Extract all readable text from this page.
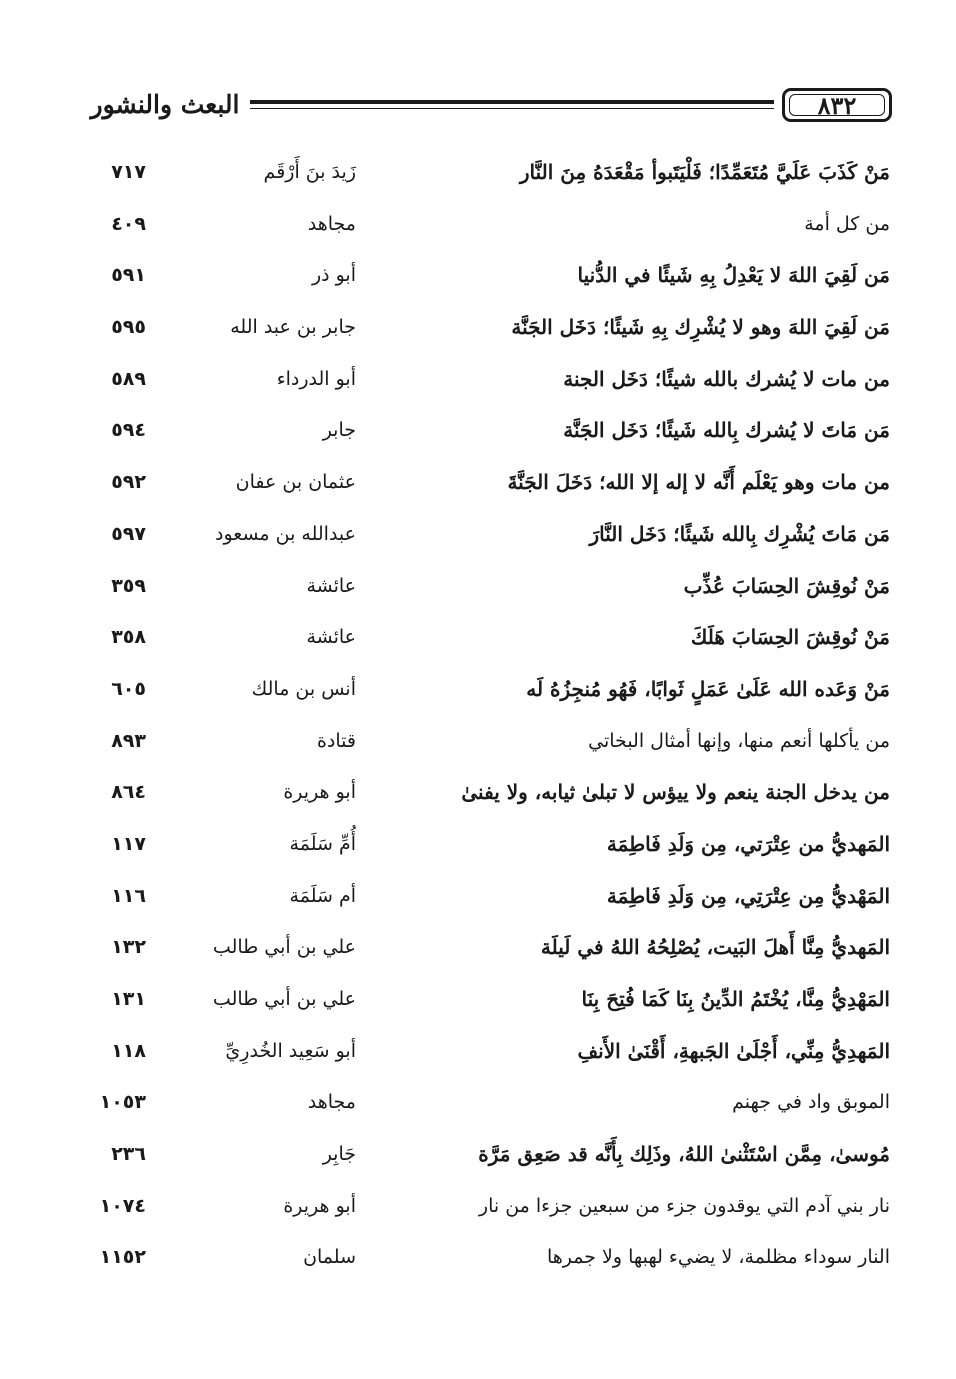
البعث والنشور	٨٣٢
مَنْ كَذَبَ عَلَيَّ مُتَعَمِّدًا؛ فَلْيَتَبوأ مَقْعَدَهُ مِنَ النَّار
زَيدَ بنَ أَرْقَم
٧١٧
من كل أمة
مجاهد
٤٠٩
مَن لَقِيَ اللهَ لا يَعْدِلُ بِهِ شَيئًا في الدُّنيا
أبو ذر
٥٩١
مَن لَقِيَ اللهَ وهو لا يُشْرِك بِهِ شَيئًا؛ دَخَل الجَنَّة
جابر بن عبد الله
٥٩٥
من مات لا يُشرك بالله شيئًا؛ دَخَل الجنة
أبو الدرداء
٥٨٩
مَن مَاتَ لا يُشرك بِالله شَيئًا؛ دَخَل الجَنَّة
جابر
٥٩٤
من مات وهو يَعْلَم أَنَّه لا إله إلا الله؛ دَخَلَ الجَنَّةَ
عثمان بن عفان
٥٩٢
مَن مَاتَ يُشْرِك بِالله شَيئًا؛ دَخَل النَّارَ
عبدالله بن مسعود
٥٩٧
مَنْ نُوقِشَ الحِسَابَ عُذِّب
عائشة
٣٥٩
مَنْ نُوقِشَ الحِسَابَ هَلَكَ
عائشة
٣٥٨
مَنْ وَعَده الله عَلَىٰ عَمَلٍ ثَوابًا، فَهُو مُنجِزُهُ لَه
أنس بن مالك
٦٠٥
من يأكلها أنعم منها، وإنها أمثال البخاتي
قتادة
٨٩٣
من يدخل الجنة ينعم ولا ييؤس لا تبلىٰ ثيابه، ولا يفنىٰ
أبو هريرة
٨٦٤
المَهديُّ من عِتْرَتي، مِن وَلَدِ فَاطِمَة
أُمِّ سَلَمَة
١١٧
المَهْديُّ مِن عِتْرَتِي، مِن وَلَدِ فَاطِمَة
أم سَلَمَة
١١٦
المَهديُّ مِنَّا أَهلَ البَيت، يُصْلِحُهُ اللهُ في لَيلَة
علي بن أبي طالب
١٣٢
المَهْدِيُّ مِنَّا، يُخْتَمُ الدِّينُ بِنَا كَمَا فُتِحَ بِنَا
علي بن أبي طالب
١٣١
المَهدِيُّ مِنِّي، أَجْلَىٰ الجَبهةِ، أَقْنَىٰ الأَنفِ
أبو سَعِيد الخُدرِيِّ
١١٨
الموبق واد في جهنم
مجاهد
١٠٥٣
مُوسىٰ، مِمَّن اسْتَثْنىٰ اللهُ، وذَلِك بِأَنَّه قد صَعِق مَرَّة
جَابِر
٢٣٦
نار بني آدم التي يوقدون جزء من سبعين جزءا من نار
أبو هريرة
١٠٧٤
النار سوداء مظلمة، لا يضيء لهبها ولا جمرها
سلمان
١١٥٢
